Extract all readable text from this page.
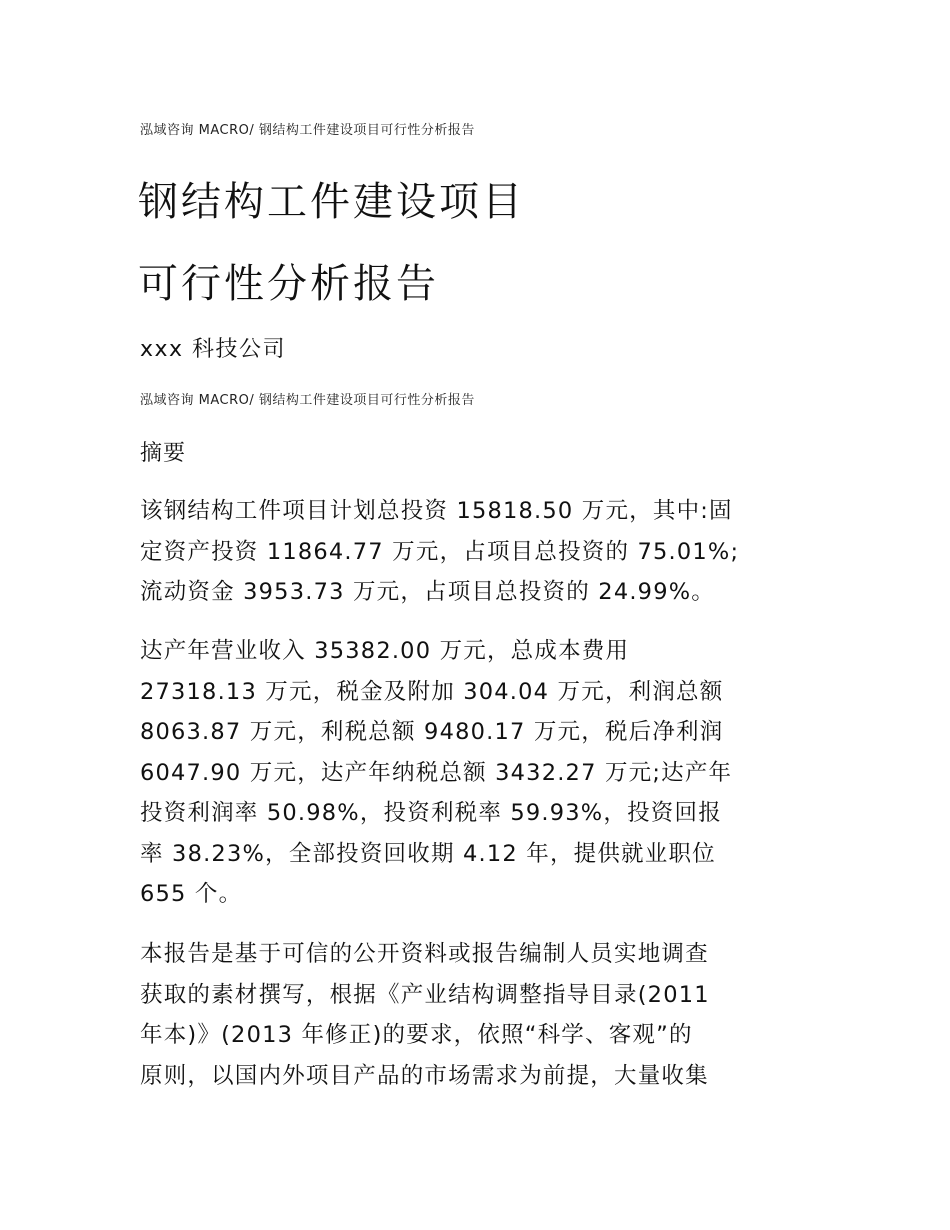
泓域咨询 MACRO/ 钢结构工件建设项目可行性分析报告
钢结构工件建设项目
可行性分析报告
xxx 科技公司
泓域咨询 MACRO/ 钢结构工件建设项目可行性分析报告
摘要
该钢结构工件项目计划总投资 15818.50 万元，其中:固
定资产投资 11864.77 万元，占项目总投资的 75.01%;
流动资金 3953.73 万元，占项目总投资的 24.99%。
达产年营业收入 35382.00 万元，总成本费用
27318.13 万元，税金及附加 304.04 万元，利润总额
8063.87 万元，利税总额 9480.17 万元，税后净利润
6047.90 万元，达产年纳税总额 3432.27 万元;达产年
投资利润率 50.98%，投资利税率 59.93%，投资回报
率 38.23%，全部投资回收期 4.12 年，提供就业职位
655 个。
本报告是基于可信的公开资料或报告编制人员实地调查
获取的素材撰写，根据《产业结构调整指导目录(2011
年本)》(2013 年修正)的要求，依照“科学、客观”的
原则，以国内外项目产品的市场需求为前提，大量收集
